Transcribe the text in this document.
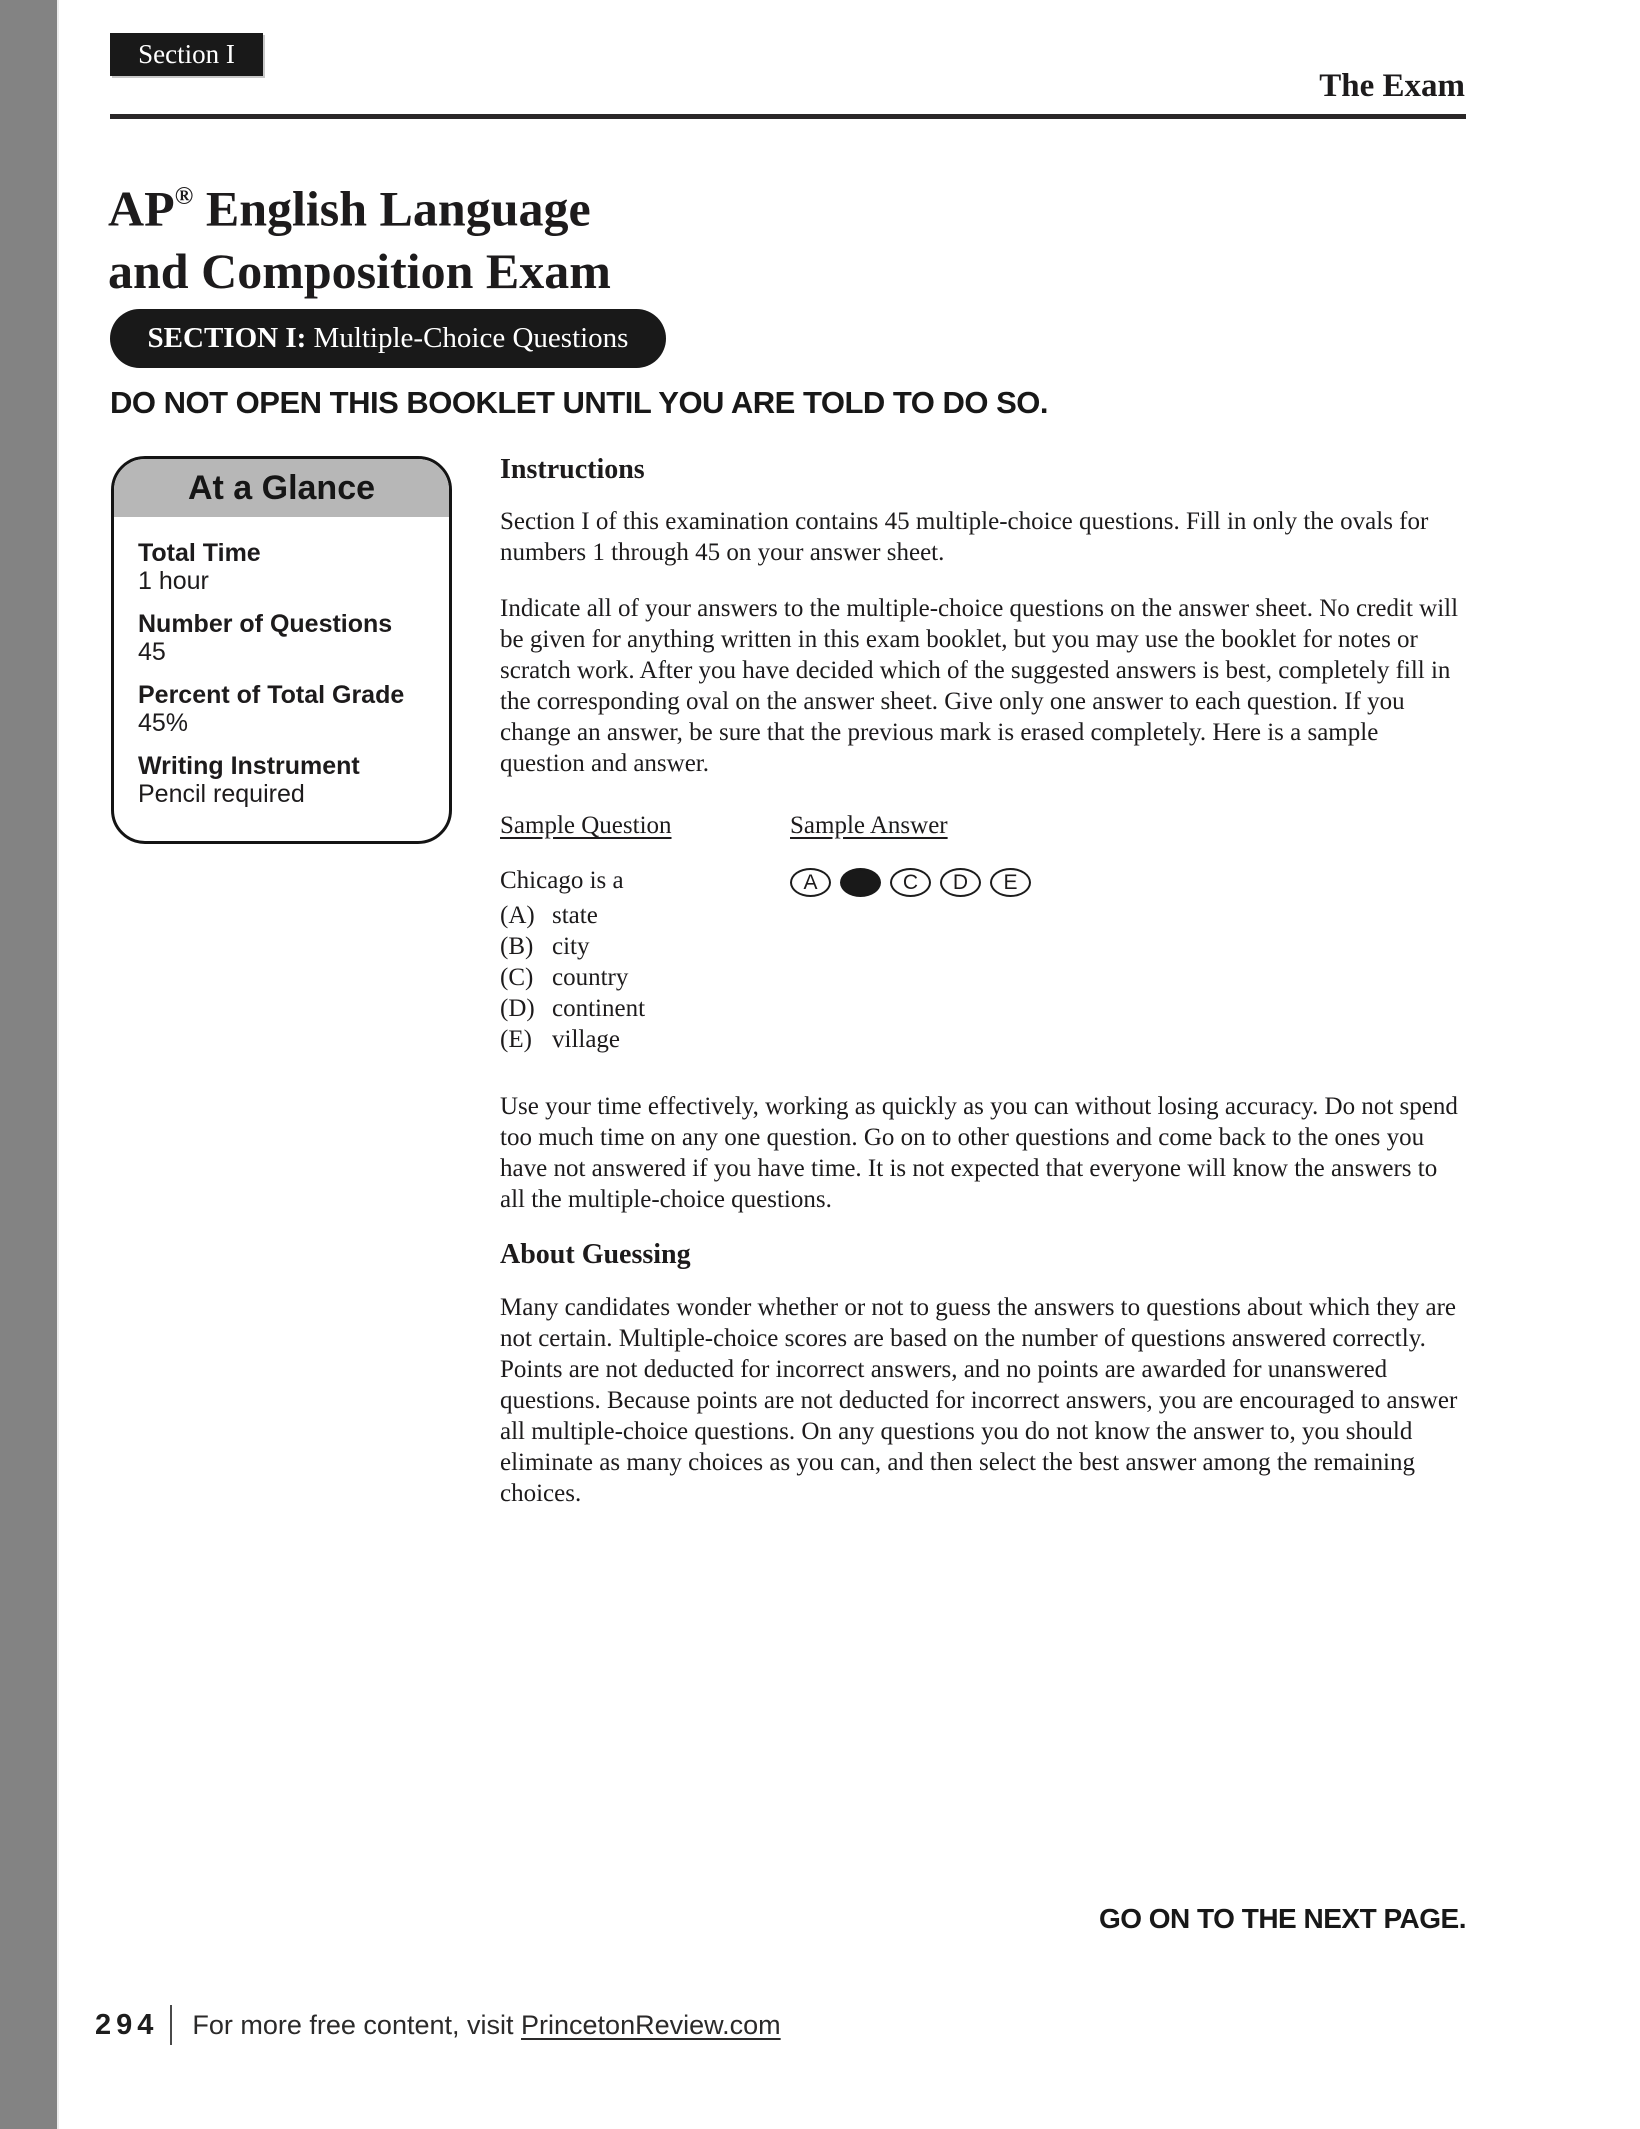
Section I
The Exam
AP® English Language
and Composition Exam
SECTION I: Multiple-Choice Questions
DO NOT OPEN THIS BOOKLET UNTIL YOU ARE TOLD TO DO SO.
At a Glance
Total Time
1 hour
Number of Questions
45
Percent of Total Grade
45%
Writing Instrument
Pencil required
Instructions

Section I of this examination contains 45 multiple-choice questions. Fill in only the ovals for numbers 1 through 45 on your answer sheet.

Indicate all of your answers to the multiple-choice questions on the answer sheet. No credit will be given for anything written in this exam booklet, but you may use the booklet for notes or scratch work. After you have decided which of the suggested answers is best, completely fill in the corresponding oval on the answer sheet. Give only one answer to each question. If you change an answer, be sure that the previous mark is erased completely. Here is a sample question and answer.

Sample Question	Sample Answer
Chicago is a
(A) state
(B) city
(C) country
(D) continent
(E) village
A	C D E

Use your time effectively, working as quickly as you can without losing accuracy. Do not spend too much time on any one question. Go on to other questions and come back to the ones you have not answered if you have time. It is not expected that everyone will know the answers to all the multiple-choice questions.

About Guessing

Many candidates wonder whether or not to guess the answers to questions about which they are not certain. Multiple-choice scores are based on the number of questions answered correctly. Points are not deducted for incorrect answers, and no points are awarded for unanswered questions. Because points are not deducted for incorrect answers, you are encouraged to answer all multiple-choice questions. On any questions you do not know the answer to, you should eliminate as many choices as you can, and then select the best answer among the remaining choices.

GO ON TO THE NEXT PAGE.
294 For more free content, visit PrincetonReview.com
